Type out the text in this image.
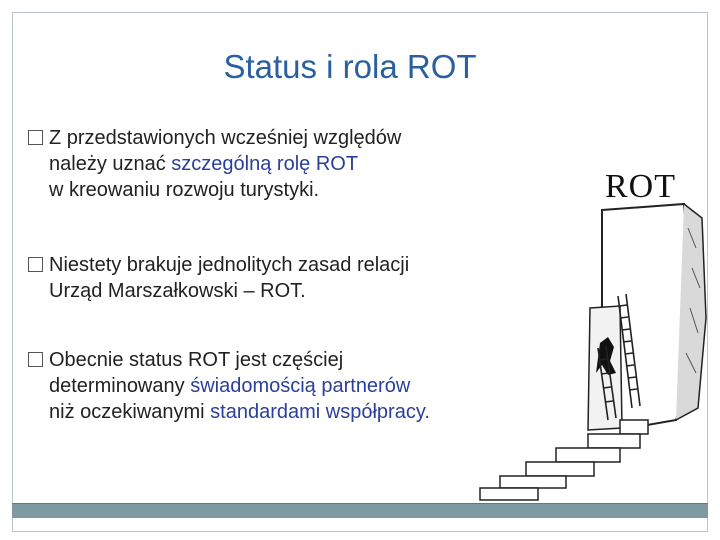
Status i rola ROT
Z przedstawionych wcześniej względów
należy uznać szczególną rolę ROT
w kreowaniu rozwoju turystyki.
Niestety brakuje jednolitych zasad relacji
Urząd Marszałkowski – ROT.
Obecnie status ROT jest częściej
determinowany świadomością partnerów
niż oczekiwanymi standardami współpracy.
ROT
